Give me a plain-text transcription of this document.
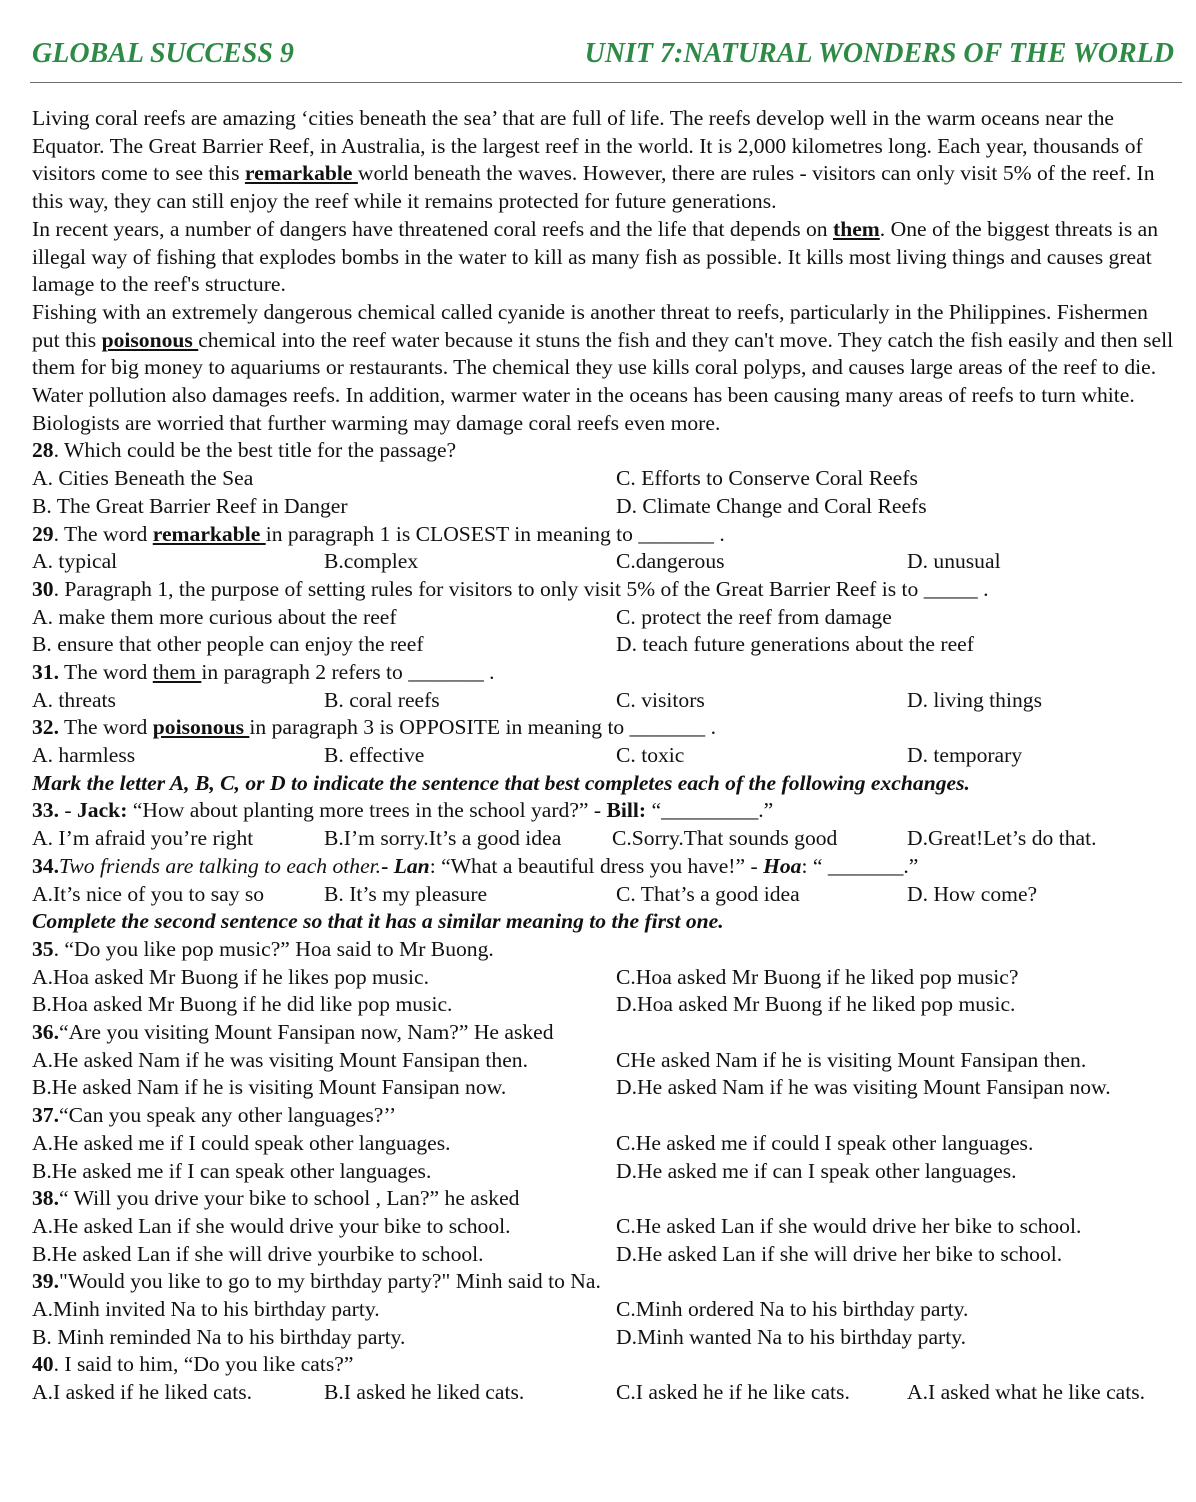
GLOBAL SUCCESS 9	UNIT 7:NATURAL WONDERS OF THE WORLD

Living coral reefs are amazing ‘cities beneath the sea’ that are full of life. The reefs develop well in the warm oceans near the Equator. The Great Barrier Reef, in Australia, is the largest reef in the world. It is 2,000 kilometres long. Each year, thousands of visitors come to see this remarkable world beneath the waves. However, there are rules - visitors can only visit 5% of the reef. In this way, they can still enjoy the reef while it remains protected for future generations.

In recent years, a number of dangers have threatened coral reefs and the life that depends on them. One of the biggest threats is an illegal way of fishing that explodes bombs in the water to kill as many fish as possible. It kills most living things and causes great lamage to the reef's structure.

Fishing with an extremely dangerous chemical called cyanide is another threat to reefs, particularly in the Philippines. Fishermen put this poisonous chemical into the reef water because it stuns the fish and they can't move. They catch the fish easily and then sell them for big money to aquariums or restaurants. The chemical they use kills coral polyps, and causes large areas of the reef to die. Water pollution also damages reefs. In addition, warmer water in the oceans has been causing many areas of reefs to turn white. Biologists are worried that further warming may damage coral reefs even more.

28. Which could be the best title for the passage?
A. Cities Beneath the Sea	C. Efforts to Conserve Coral Reefs
B. The Great Barrier Reef in Danger	D. Climate Change and Coral Reefs
29. The word remarkable in paragraph 1 is CLOSEST in meaning to _______ .
A. typical	B.complex	C.dangerous	D. unusual
30. Paragraph 1, the purpose of setting rules for visitors to only visit 5% of the Great Barrier Reef is to _____ .
A. make them more curious about the reef	C. protect the reef from damage
B. ensure that other people can enjoy the reef	D. teach future generations about the reef
31. The word them in paragraph 2 refers to _______ .
A. threats	B. coral reefs	C. visitors	D. living things
32. The word poisonous in paragraph 3 is OPPOSITE in meaning to _______ .
A. harmless	B. effective	C. toxic	D. temporary
Mark the letter A, B, C, or D to indicate the sentence that best completes each of the following exchanges.
33. - Jack: “How about planting more trees in the school yard?” - Bill: “_________.”
A. I’m afraid you’re right	B.I’m sorry.It’s a good idea C.Sorry.That sounds good	D.Great!Let’s do that.
34.Two friends are talking to each other.- Lan: “What a beautiful dress you have!” - Hoa: “ _______.”
A.It’s nice of you to say so	B. It’s my pleasure	C. That’s a good idea	D. How come?
Complete the second sentence so that it has a similar meaning to the first one.
35. “Do you like pop music?” Hoa said to Mr Buong.
A.Hoa asked Mr Buong if he likes pop music.	C.Hoa asked Mr Buong if he liked pop music?
B.Hoa asked Mr Buong if he did like pop music.	D.Hoa asked Mr Buong if he liked pop music.
36.“Are you visiting Mount Fansipan now, Nam?” He asked
A.He asked Nam if he was visiting Mount Fansipan then.	CHe asked Nam if he is visiting Mount Fansipan then.
B.He asked Nam if he is visiting Mount Fansipan now.	D.He asked Nam if he was visiting Mount Fansipan now.
37.“Can you speak any other languages?’’
A.He asked me if I could speak other languages.	C.He asked me if could I speak other languages.
B.He asked me if I can speak other languages.	D.He asked me if can I speak other languages.
38.“ Will you drive your bike to school , Lan?” he asked
A.He asked Lan if she would drive your bike to school.	C.He asked Lan if she would drive her bike to school.
B.He asked Lan if she will drive yourbike to school.	D.He asked Lan if she will drive her bike to school.
39."Would you like to go to my birthday party?" Minh said to Na.
A.Minh invited Na to his birthday party.	C.Minh ordered Na to his birthday party.
B. Minh reminded Na to his birthday party.	D.Minh wanted Na to his birthday party.
40. I said to him, “Do you like cats?”
A.I asked if he liked cats.	B.I asked he liked cats.	C.I asked he if he like cats.	A.I asked what he like cats.
